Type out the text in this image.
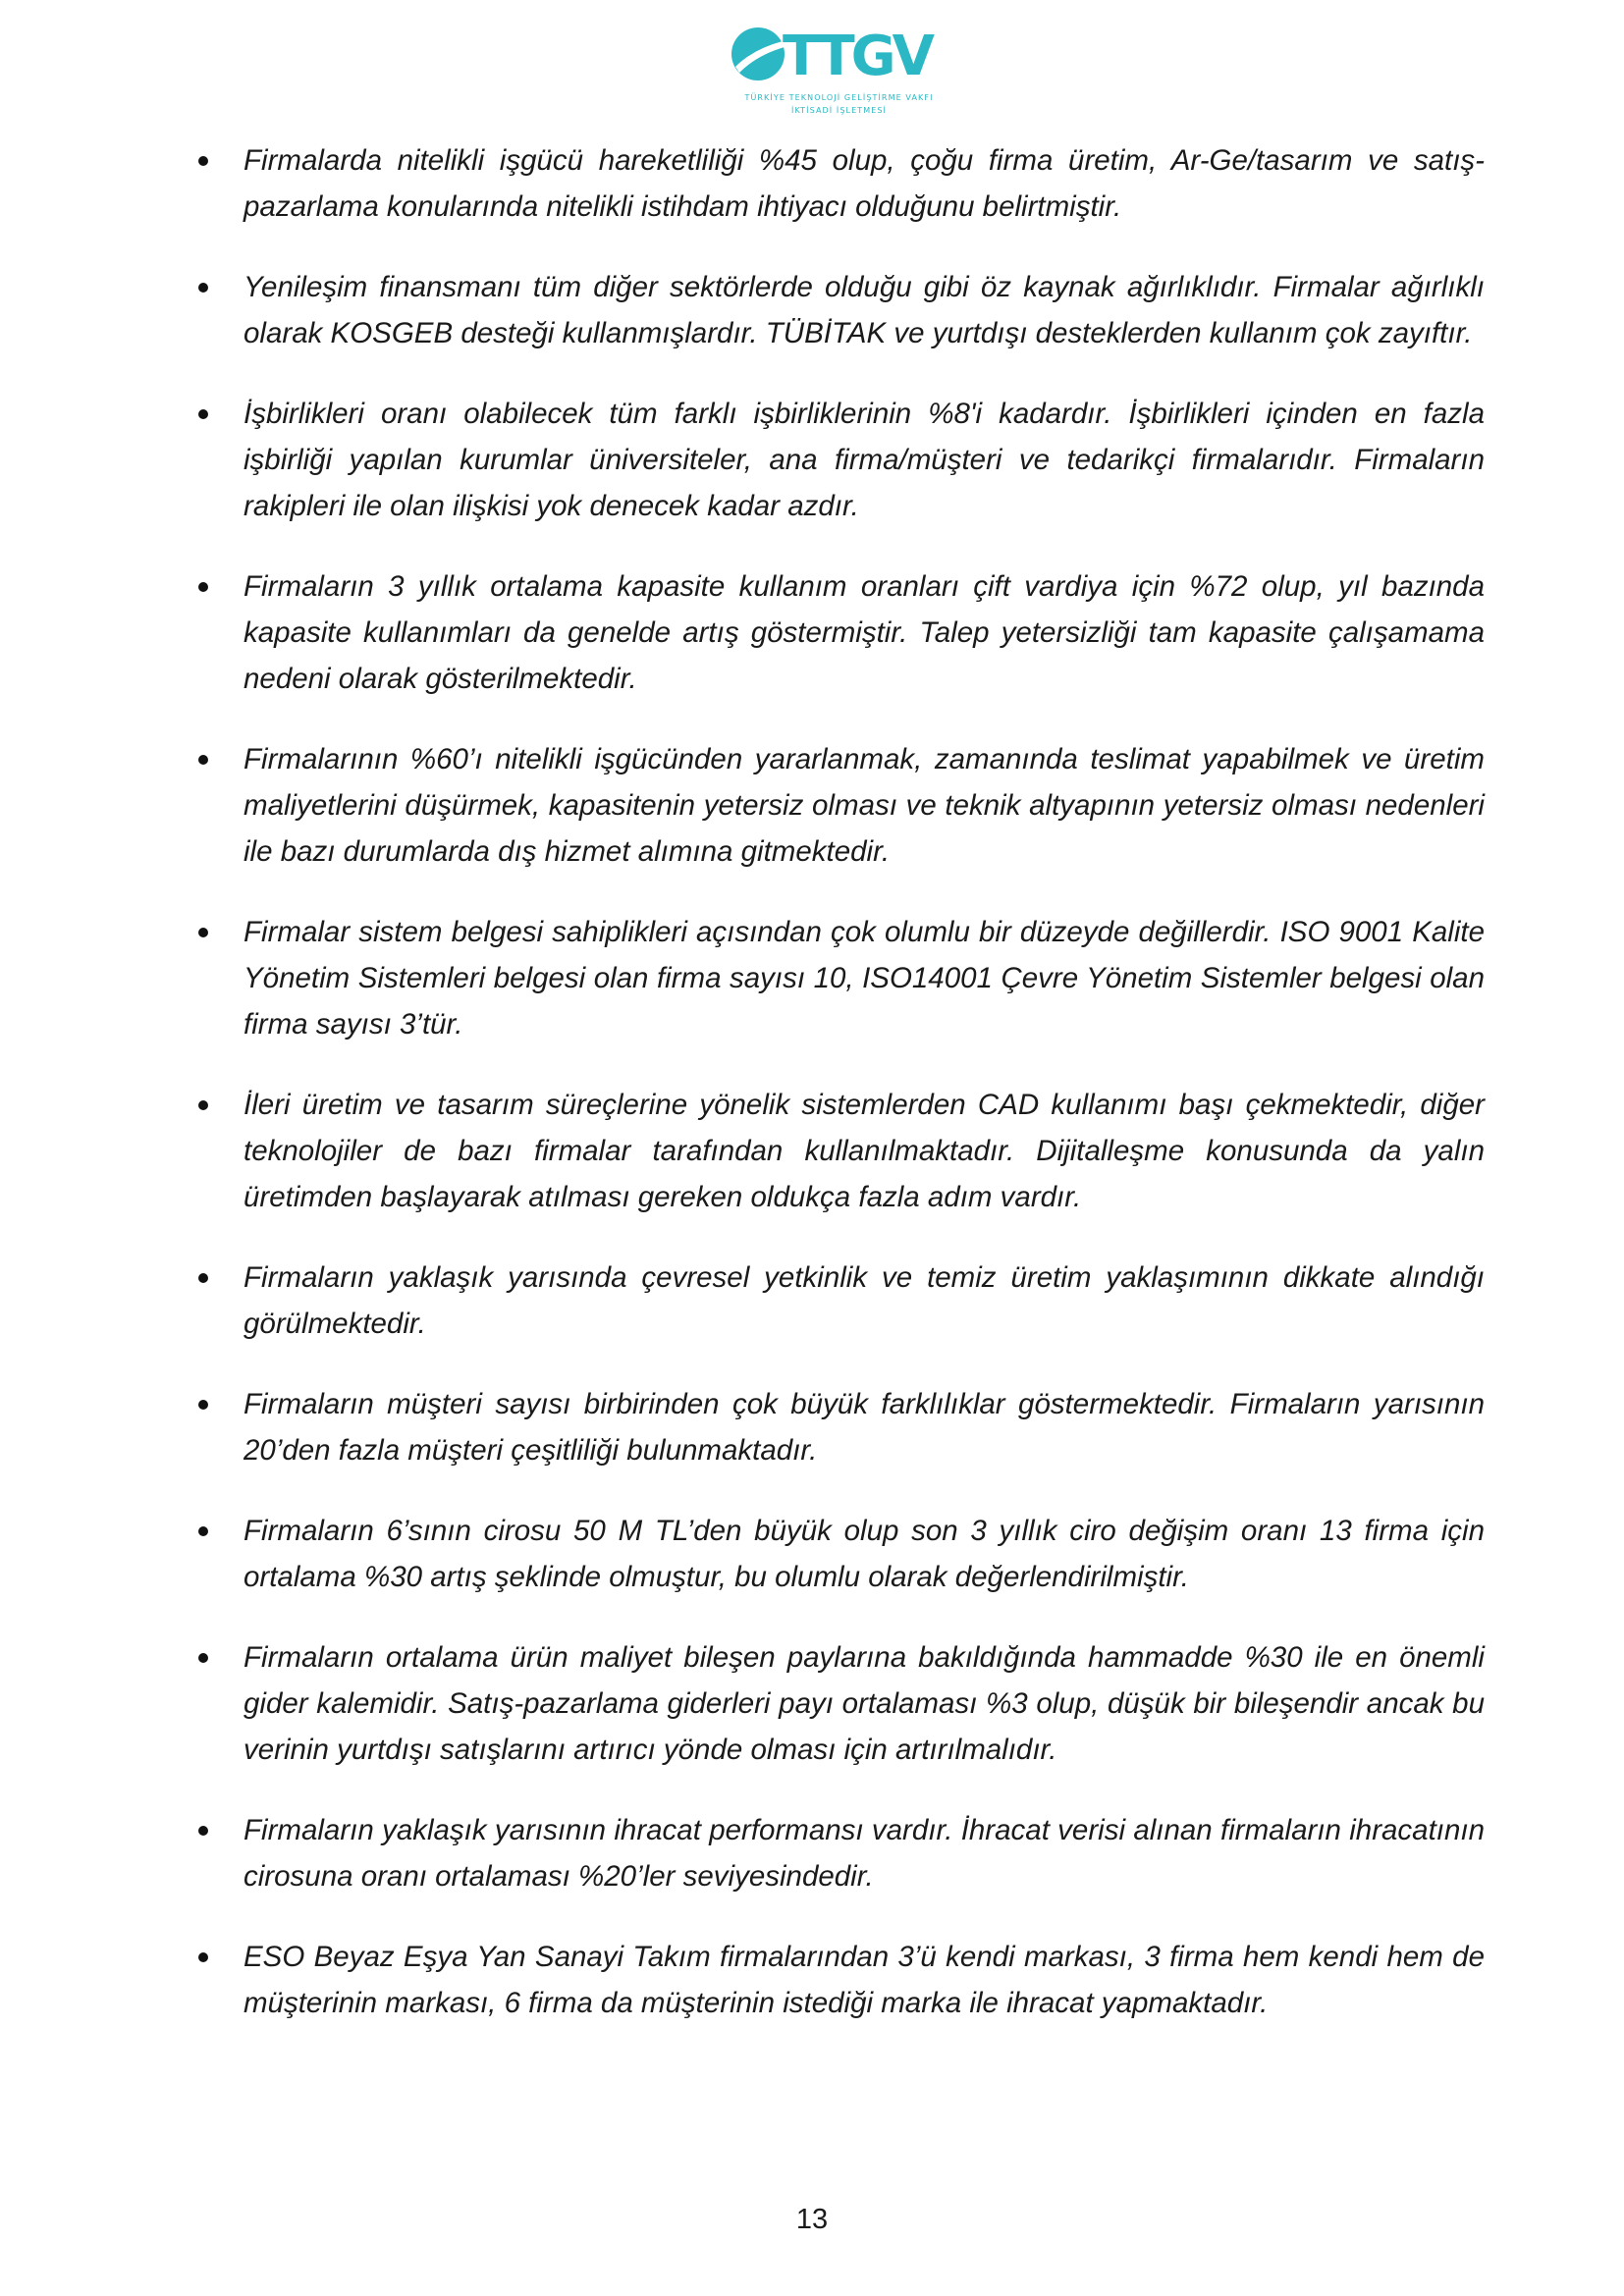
TTGV
TÜRKİYE TEKNOLOJİ GELİŞTİRME VAKFI
İKTİSADİ İŞLETMESİ
Firmalarda nitelikli işgücü hareketliliği %45 olup, çoğu firma üretim, Ar-Ge/tasarım ve satış-pazarlama konularında nitelikli istihdam ihtiyacı olduğunu belirtmiştir.
Yenileşim finansmanı tüm diğer sektörlerde olduğu gibi öz kaynak ağırlıklıdır. Firmalar ağırlıklı olarak KOSGEB desteği kullanmışlardır. TÜBİTAK ve yurtdışı desteklerden kullanım çok zayıftır.
İşbirlikleri oranı olabilecek tüm farklı işbirliklerinin %8'i kadardır. İşbirlikleri içinden en fazla işbirliği yapılan kurumlar üniversiteler, ana firma/müşteri ve tedarikçi firmalarıdır. Firmaların rakipleri ile olan ilişkisi yok denecek kadar azdır.
Firmaların 3 yıllık ortalama kapasite kullanım oranları çift vardiya için %72 olup, yıl bazında kapasite kullanımları da genelde artış göstermiştir. Talep yetersizliği tam kapasite çalışamama nedeni olarak gösterilmektedir.
Firmalarının %60’ı nitelikli işgücünden yararlanmak, zamanında teslimat yapabilmek ve üretim maliyetlerini düşürmek, kapasitenin yetersiz olması ve teknik altyapının yetersiz olması nedenleri ile bazı durumlarda dış hizmet alımına gitmektedir.
Firmalar sistem belgesi sahiplikleri açısından çok olumlu bir düzeyde değillerdir. ISO 9001 Kalite Yönetim Sistemleri belgesi olan firma sayısı 10, ISO14001 Çevre Yönetim Sistemler belgesi olan firma sayısı 3’tür.
İleri üretim ve tasarım süreçlerine yönelik sistemlerden CAD kullanımı başı çekmektedir, diğer teknolojiler de bazı firmalar tarafından kullanılmaktadır. Dijitalleşme konusunda da yalın üretimden başlayarak atılması gereken oldukça fazla adım vardır.
Firmaların yaklaşık yarısında çevresel yetkinlik ve temiz üretim yaklaşımının dikkate alındığı görülmektedir.
Firmaların müşteri sayısı birbirinden çok büyük farklılıklar göstermektedir. Firmaların yarısının 20’den fazla müşteri çeşitliliği bulunmaktadır.
Firmaların 6’sının cirosu 50 M TL’den büyük olup son 3 yıllık ciro değişim oranı 13 firma için ortalama %30 artış şeklinde olmuştur, bu olumlu olarak değerlendirilmiştir.
Firmaların ortalama ürün maliyet bileşen paylarına bakıldığında hammadde %30 ile en önemli gider kalemidir. Satış-pazarlama giderleri payı ortalaması %3 olup, düşük bir bileşendir ancak bu verinin yurtdışı satışlarını artırıcı yönde olması için artırılmalıdır.
Firmaların yaklaşık yarısının ihracat performansı vardır. İhracat verisi alınan firmaların ihracatının cirosuna oranı ortalaması %20’ler seviyesindedir.
ESO Beyaz Eşya Yan Sanayi Takım firmalarından 3’ü kendi markası, 3 firma hem kendi hem de müşterinin markası, 6 firma da müşterinin istediği marka ile ihracat yapmaktadır.
13
